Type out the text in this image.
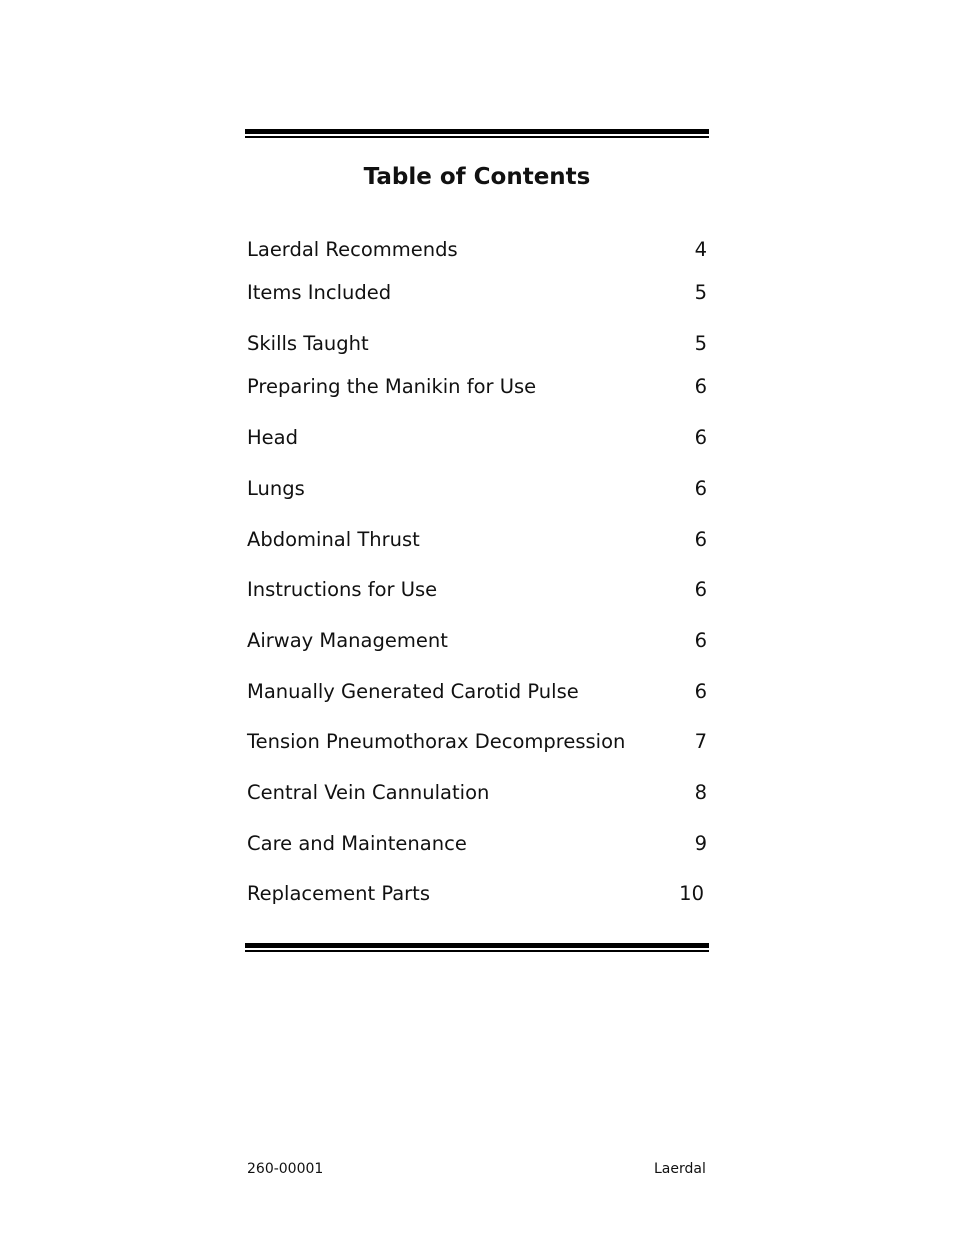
Table of Contents
Laerdal Recommends	4
Items Included	5
Skills Taught	5
Preparing the Manikin for Use	6
Head	6
Lungs	6
Abdominal Thrust	6
Instructions for Use	6
Airway Management	6
Manually Generated Carotid Pulse	6
Tension Pneumothorax Decompression	7
Central Vein Cannulation	8
Care and Maintenance	9
Replacement Parts	10
260-00001	Laerdal
